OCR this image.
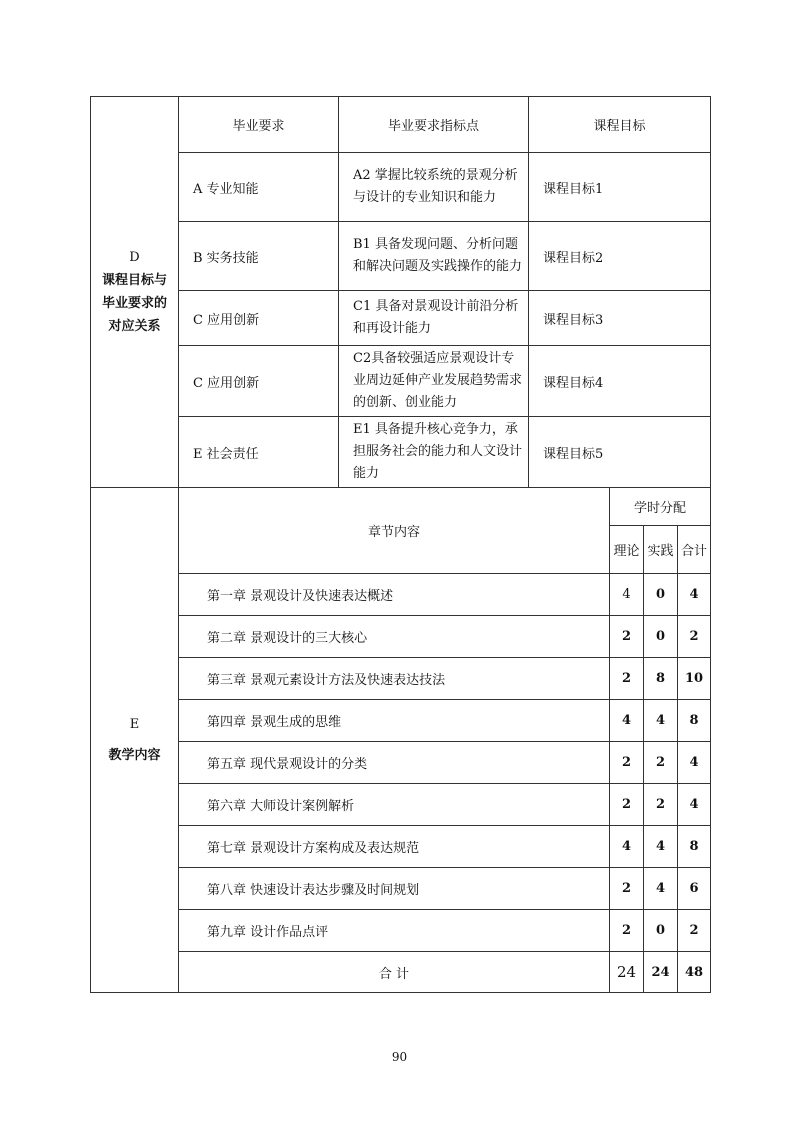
D
课程目标与
毕业要求的
对应关系	毕业要求	毕业要求指标点	课程目标			
	A 专业知能	A2 掌握比较系统的景观分析与设计的专业知识和能力	课程目标1			
	B 实务技能	B1 具备发现问题、分析问题和解决问题及实践操作的能力	课程目标2			
	C 应用创新	C1 具备对景观设计前沿分析和再设计能力	课程目标3			
	C 应用创新	C2具备较强适应景观设计专业周边延伸产业发展趋势需求的创新、创业能力	课程目标4			
	E 社会责任	E1 具备提升核心竞争力，承担服务社会的能力和人文设计能力	课程目标5			

E
教学内容	章节内容			学时分配		
				理论	实践	合计
	第一章 景观设计及快速表达概述			4	0	4
	第二章 景观设计的三大核心			2	0	2
	第三章 景观元素设计方法及快速表达技法			2	8	10
	第四章 景观生成的思维			4	4	8
	第五章 现代景观设计的分类			2	2	4
	第六章 大师设计案例解析			2	2	4
	第七章 景观设计方案构成及表达规范			4	4	8
	第八章 快速设计表达步骤及时间规划			2	4	6
	第九章 设计作品点评			2	0	2
	合 计			24	24	48
90
